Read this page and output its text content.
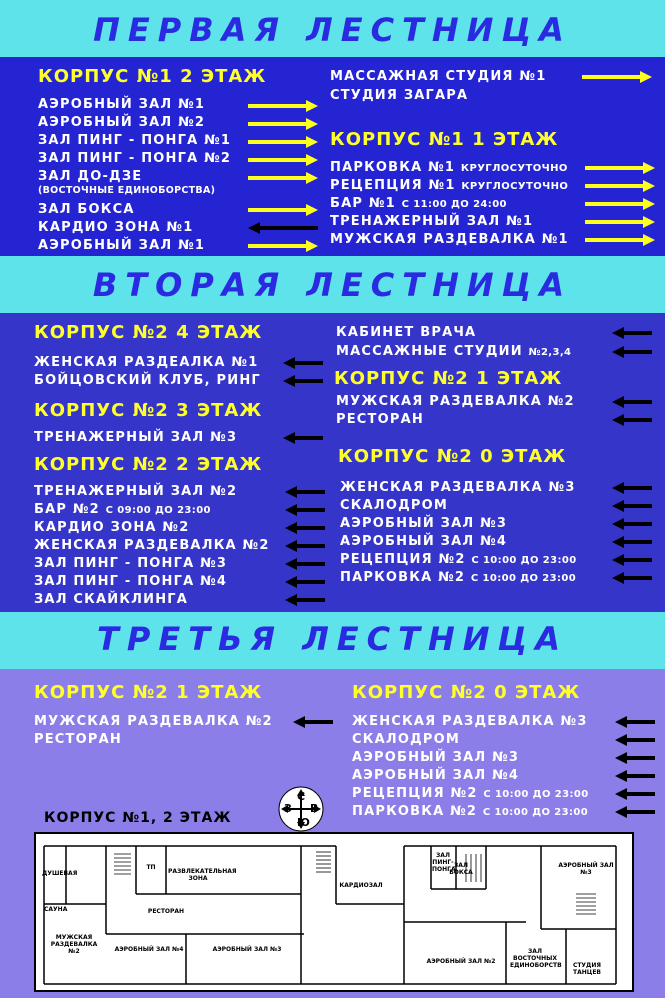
ПЕРВАЯ ЛЕСТНИЦА
КОРПУС №1 2 ЭТАЖ
АЭРОБНЫЙ ЗАЛ №1
АЭРОБНЫЙ ЗАЛ №2
ЗАЛ ПИНГ - ПОНГА №1
ЗАЛ ПИНГ - ПОНГА №2
ЗАЛ ДО-ДЗЕ
(ВОСТОЧНЫЕ ЕДИНОБОРСТВА)
ЗАЛ БОКСА
КАРДИО ЗОНА №1
АЭРОБНЫЙ ЗАЛ №1
МАССАЖНАЯ СТУДИЯ №1
СТУДИЯ ЗАГАРА
КОРПУС №1 1 ЭТАЖ
ПАРКОВКА №1 КРУГЛОСУТОЧНО
РЕЦЕПЦИЯ №1 КРУГЛОСУТОЧНО
БАР №1 С 11:00 ДО 24:00
ТРЕНАЖЕРНЫЙ ЗАЛ №1
МУЖСКАЯ РАЗДЕВАЛКА №1
ВТОРАЯ ЛЕСТНИЦА
КОРПУС №2 4 ЭТАЖ
ЖЕНСКАЯ РАЗДЕАЛКА №1
БОЙЦОВСКИЙ КЛУБ, РИНГ
КОРПУС №2 3 ЭТАЖ
ТРЕНАЖЕРНЫЙ ЗАЛ №3
КОРПУС №2 2 ЭТАЖ
ТРЕНАЖЕРНЫЙ ЗАЛ №2
БАР №2 С 09:00 ДО 23:00
КАРДИО ЗОНА №2
ЖЕНСКАЯ РАЗДЕВАЛКА №2
ЗАЛ ПИНГ - ПОНГА №3
ЗАЛ ПИНГ - ПОНГА №4
ЗАЛ СКАЙКЛИНГА
КАБИНЕТ ВРАЧА
МАССАЖНЫЕ СТУДИИ №2,3,4
КОРПУС №2 1 ЭТАЖ
МУЖСКАЯ РАЗДЕВАЛКА №2
РЕСТОРАН
КОРПУС №2 0 ЭТАЖ
ЖЕНСКАЯ РАЗДЕВАЛКА №3
СКАЛОДРОМ
АЭРОБНЫЙ ЗАЛ №3
АЭРОБНЫЙ ЗАЛ №4
РЕЦЕПЦИЯ №2 С 10:00 ДО 23:00
ПАРКОВКА №2 С 10:00 ДО 23:00
ТРЕТЬЯ ЛЕСТНИЦА
КОРПУС №2 1 ЭТАЖ
МУЖСКАЯ РАЗДЕВАЛКА №2
РЕСТОРАН
КОРПУС №2 0 ЭТАЖ
ЖЕНСКАЯ РАЗДЕВАЛКА №3
СКАЛОДРОМ
АЭРОБНЫЙ ЗАЛ №3
АЭРОБНЫЙ ЗАЛ №4
РЕЦЕПЦИЯ №2 С 10:00 ДО 23:00
ПАРКОВКА №2 С 10:00 ДО 23:00
С
Ю
З В
КОРПУС №1, 2 ЭТАЖ
ДУШЕВАЯ
САУНА
МУЖСКАЯ РАЗДЕВАЛКА №2
ТП
РАЗВЛЕКАТЕЛЬНАЯ ЗОНА
РЕСТОРАН
АЭРОБНЫЙ ЗАЛ №4	АЭРОБНЫЙ ЗАЛ №3
КАРДИОЗАЛ
ЗАЛ ПИНГ-ПОНГА
ЗАЛ БОКСА
АЭРОБНЫЙ ЗАЛ №2
ЗАЛ ВОСТОЧНЫХ ЕДИНОБОРСТВ
АЭРОБНЫЙ ЗАЛ №3
СТУДИЯ ТАНЦЕВ
